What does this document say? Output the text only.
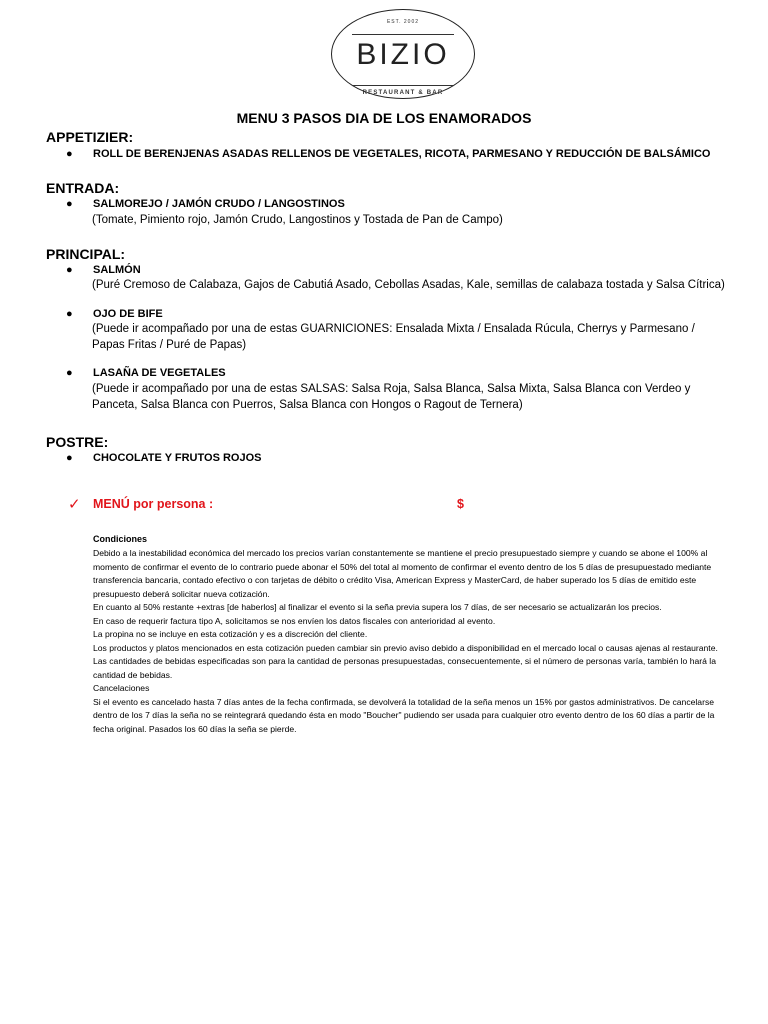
EST. 2002
BIZIO
RESTAURANT & BAR
MENU 3 PASOS DIA DE LOS ENAMORADOS
APPETIZIER:
● ROLL DE BERENJENAS ASADAS RELLENOS DE VEGETALES, RICOTA, PARMESANO Y REDUCCIÓN DE BALSÁMICO
ENTRADA:
● SALMOREJO / JAMÓN CRUDO / LANGOSTINOS
(Tomate, Pimiento rojo, Jamón Crudo, Langostinos y Tostada de Pan de Campo)
PRINCIPAL:
● SALMÓN
(Puré Cremoso de Calabaza, Gajos de Cabutiá Asado, Cebollas Asadas, Kale, semillas de calabaza tostada y Salsa Cítrica)
● OJO DE BIFE
(Puede ir acompañado por una de estas GUARNICIONES: Ensalada Mixta / Ensalada Rúcula, Cherrys y Parmesano / Papas Fritas / Puré de Papas)
● LASAÑA DE VEGETALES
(Puede ir acompañado por una de estas SALSAS: Salsa Roja, Salsa Blanca, Salsa Mixta, Salsa Blanca con Verdeo y Panceta, Salsa Blanca con Puerros, Salsa Blanca con Hongos o Ragout de Ternera)
POSTRE:
● CHOCOLATE Y FRUTOS ROJOS
✓ MENÚ por persona :	$
Condiciones

Debido a la inestabilidad económica del mercado los precios varían constantemente se mantiene el precio presupuestado siempre y cuando se abone el 100% al momento de confirmar el evento de lo contrario puede abonar el 50% del total al momento de confirmar el evento dentro de los 5 días de presupuestado mediante transferencia bancaria, contado efectivo o con tarjetas de débito o crédito Visa, American Express y MasterCard, de haber superado los 5 días de emitido este presupuesto deberá solicitar nueva cotización.

En cuanto al 50% restante +extras [de haberlos] al finalizar el evento si la seña previa supera los 7 días, de ser necesario se actualizarán los precios.

En caso de requerir factura tipo A, solicitamos se nos envíen los datos fiscales con anterioridad al evento.

La propina no se incluye en esta cotización y es a discreción del cliente.

Los productos y platos mencionados en esta cotización pueden cambiar sin previo aviso debido a disponibilidad en el mercado local o causas ajenas al restaurante. Las cantidades de bebidas especificadas son para la cantidad de personas presupuestadas, consecuentemente, si el número de personas varía, también lo hará la cantidad de bebidas.

Cancelaciones

Si el evento es cancelado hasta 7 días antes de la fecha confirmada, se devolverá la totalidad de la seña menos un 15% por gastos administrativos. De cancelarse dentro de los 7 días la seña no se reintegrará quedando ésta en modo "Boucher" pudiendo ser usada para cualquier otro evento dentro de los 60 días a partir de la fecha original. Pasados los 60 días la seña se pierde.
